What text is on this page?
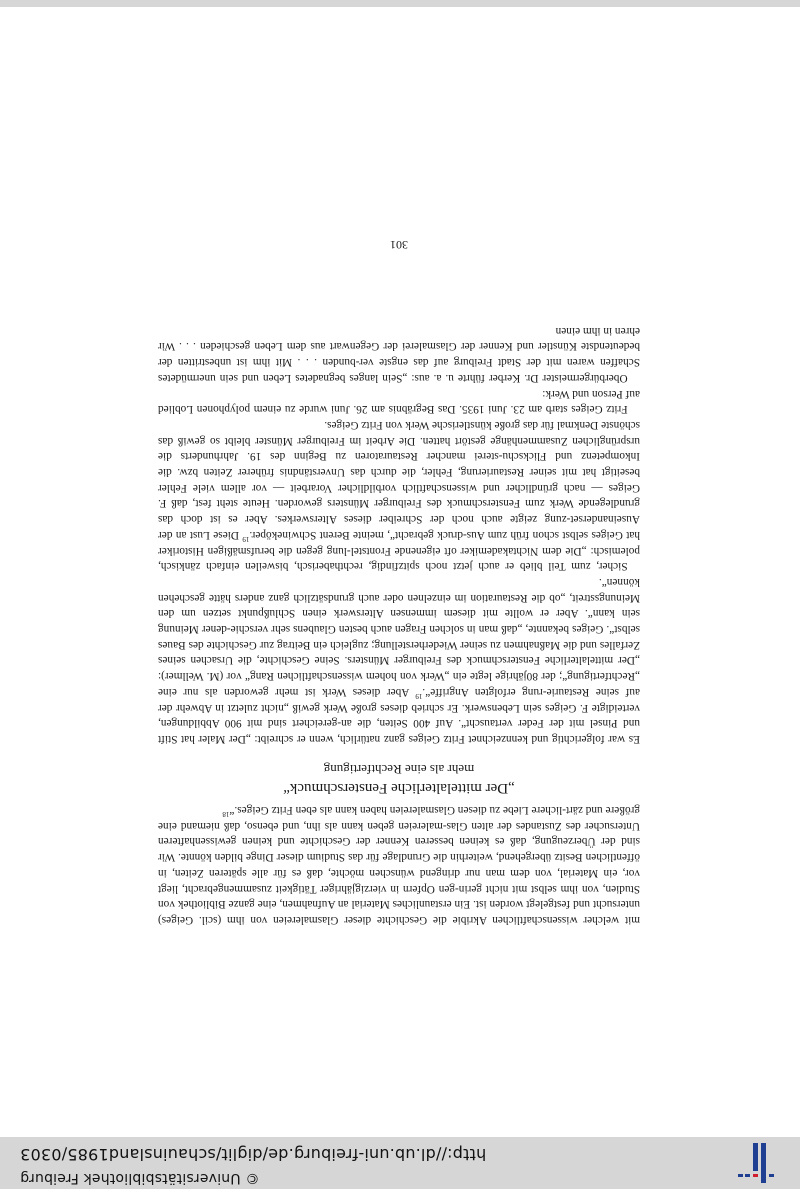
© Universitätsbibliothek Freiburg
http://dl.ub.uni-freiburg.de/diglit/schauinsland1985/0303

mit welcher wissenschaftlichen Akribie die Geschichte dieser Glasmalereien von ihm (scil. Geiges) untersucht und festgelegt worden ist. Ein erstaunliches Material an Aufnahmen, eine ganze Bibliothek von Studien, von ihm selbst mit nicht gerin-gen Opfern in vierzigjähriger Tätigkeit zusammengebracht, liegt vor, ein Material, von dem man nur dringend wünschen möchte, daß es für alle späteren Zeiten, in öffentlichen Besitz übergehend, weiterhin die Grundlage für das Studium dieser Dinge bilden könnte. Wir sind der Überzeugung, daß es keinen besseren Kenner der Geschichte und keinen gewissenhafteren Untersucher des Zustandes der alten Glas-malereien geben kann als ihn, und ebenso, daß niemand eine größere und zärt-lichere Liebe zu diesen Glasmalereien haben kann als eben Fritz Geiges.“$^{18}$

„Der mittelalterliche Fensterschmuck“
mehr als eine Rechtfertigung

Es war folgerichtig und kennzeichnet Fritz Geiges ganz natürlich, wenn er schreibt: „Der Maler hat Stift und Pinsel mit der Feder vertauscht“. Auf 400 Seiten, die an-gereichert sind mit 900 Abbildungen, verteidigte F. Geiges sein Lebenswerk. Er schrieb dieses große Werk gewiß „nicht zuletzt in Abwehr der auf seine Restaurie-rung erfolgten Angriffe“.$^{19}$ Aber dieses Werk ist mehr geworden als nur eine „Rechtfertigung“; der 80jährige legte ein „Werk von hohem wissenschaftlichen Rang“ vor (M. Wellmer): „Der mittelalterliche Fensterschmuck des Freiburger Münsters. Seine Geschichte, die Ursachen seines Zerfalles und die Maßnahmen zu seiner Wiederherstellung; zugleich ein Beitrag zur Geschichte des Baues selbst“. Geiges bekannte, „daß man in solchen Fragen auch besten Glaubens sehr verschie-dener Meinung sein kann“. Aber er wollte mit diesem immensen Alterswerk einen Schlußpunkt setzen um den Meinungsstreit, „ob die Restauration im einzelnen oder auch grundsätzlich ganz anders hätte geschehen können“.

Sicher, zum Teil blieb er auch jetzt noch spitzfindig, rechthaberisch, bisweilen einfach zänkisch, polemisch: „Die dem Nichtakademiker oft eigenende Frontstel-lung gegen die berufsmäßigen Historiker hat Geiges selbst schon früh zum Aus-druck gebracht“, meinte Berent Schwineköper.$^{19}$ Diese Lust an der Auseinanderset-zung zeigte auch noch der Schreiber dieses Alterswerkes. Aber es ist doch das grundlegende Werk zum Fensterschmuck des Freiburger Münsters geworden. Heute steht fest, daß F. Geiges — nach gründlicher und wissenschaftlich vorbildlicher Vorarbeit — vor allem viele Fehler beseitigt hat mit seiner Restaurierung, Fehler, die durch das Unverständnis früherer Zeiten bzw. die Inkompetenz und Flickschu-sterei mancher Restauratoren zu Beginn des 19. Jahrhunderts die ursprünglichen Zusammenhänge gestört hatten. Die Arbeit im Freiburger Münster bleibt so gewiß das schönste Denkmal für das große künstlerische Werk von Fritz Geiges.

Fritz Geiges starb am 23. Juni 1935. Das Begräbnis am 26. Juni wurde zu einem polyphonen Loblied auf Person und Werk:

Oberbürgermeister Dr. Kerber führte u. a. aus: „Sein langes begnadetes Leben und sein unermüdetes Schaffen waren mit der Stadt Freiburg auf das engste ver-bunden . . . Mit ihm ist unbestritten der bedeutendste Künstler und Kenner der Glasmalerei der Gegenwart aus dem Leben geschieden . . . Wir ehren in ihm einen

301
